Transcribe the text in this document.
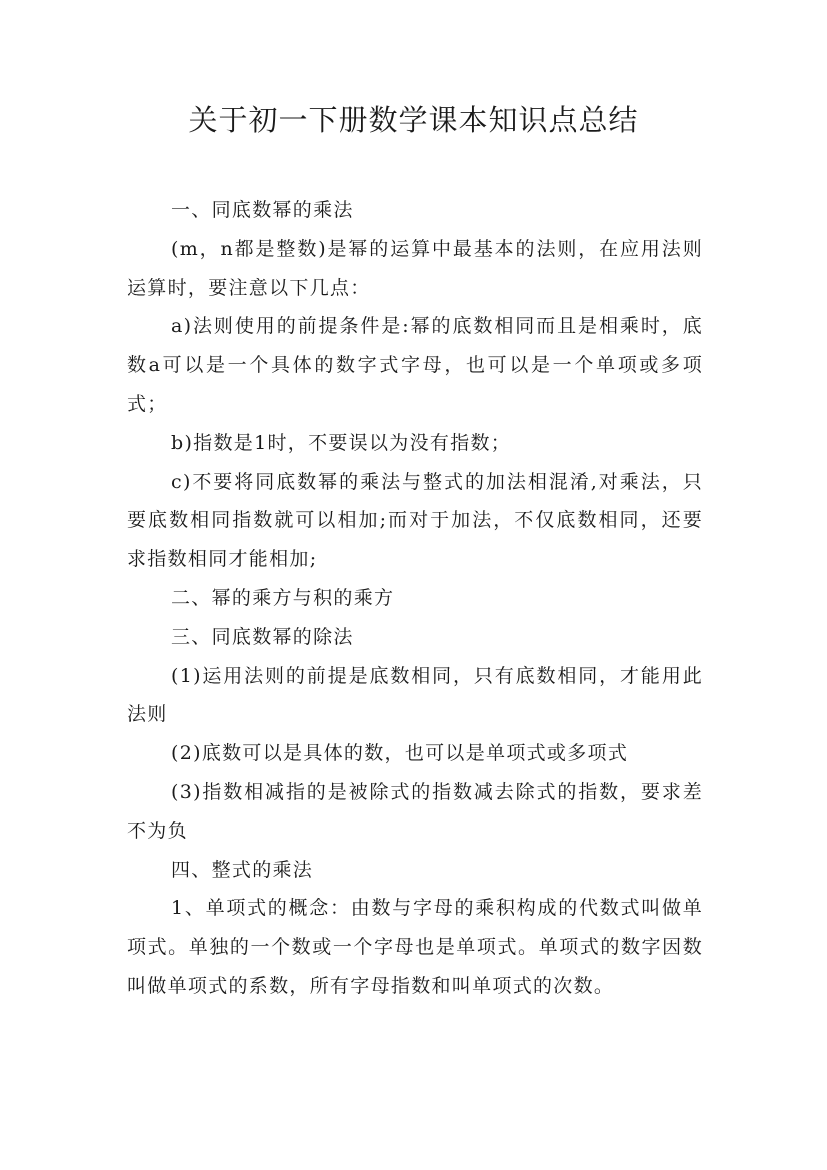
关于初一下册数学课本知识点总结

一、同底数幂的乘法

(m，n都是整数)是幂的运算中最基本的法则，在应用法则运算时，要注意以下几点：

a)法则使用的前提条件是:幂的底数相同而且是相乘时，底数a可以是一个具体的数字式字母，也可以是一个单项或多项式；

b)指数是1时，不要误以为没有指数；

c)不要将同底数幂的乘法与整式的加法相混淆,对乘法，只要底数相同指数就可以相加;而对于加法，不仅底数相同，还要求指数相同才能相加;

二、幂的乘方与积的乘方

三、同底数幂的除法

(1)运用法则的前提是底数相同，只有底数相同，才能用此法则

(2)底数可以是具体的数，也可以是单项式或多项式

(3)指数相减指的是被除式的指数减去除式的指数，要求差不为负

四、整式的乘法

1、单项式的概念：由数与字母的乘积构成的代数式叫做单项式。单独的一个数或一个字母也是单项式。单项式的数字因数叫做单项式的系数，所有字母指数和叫单项式的次数。
